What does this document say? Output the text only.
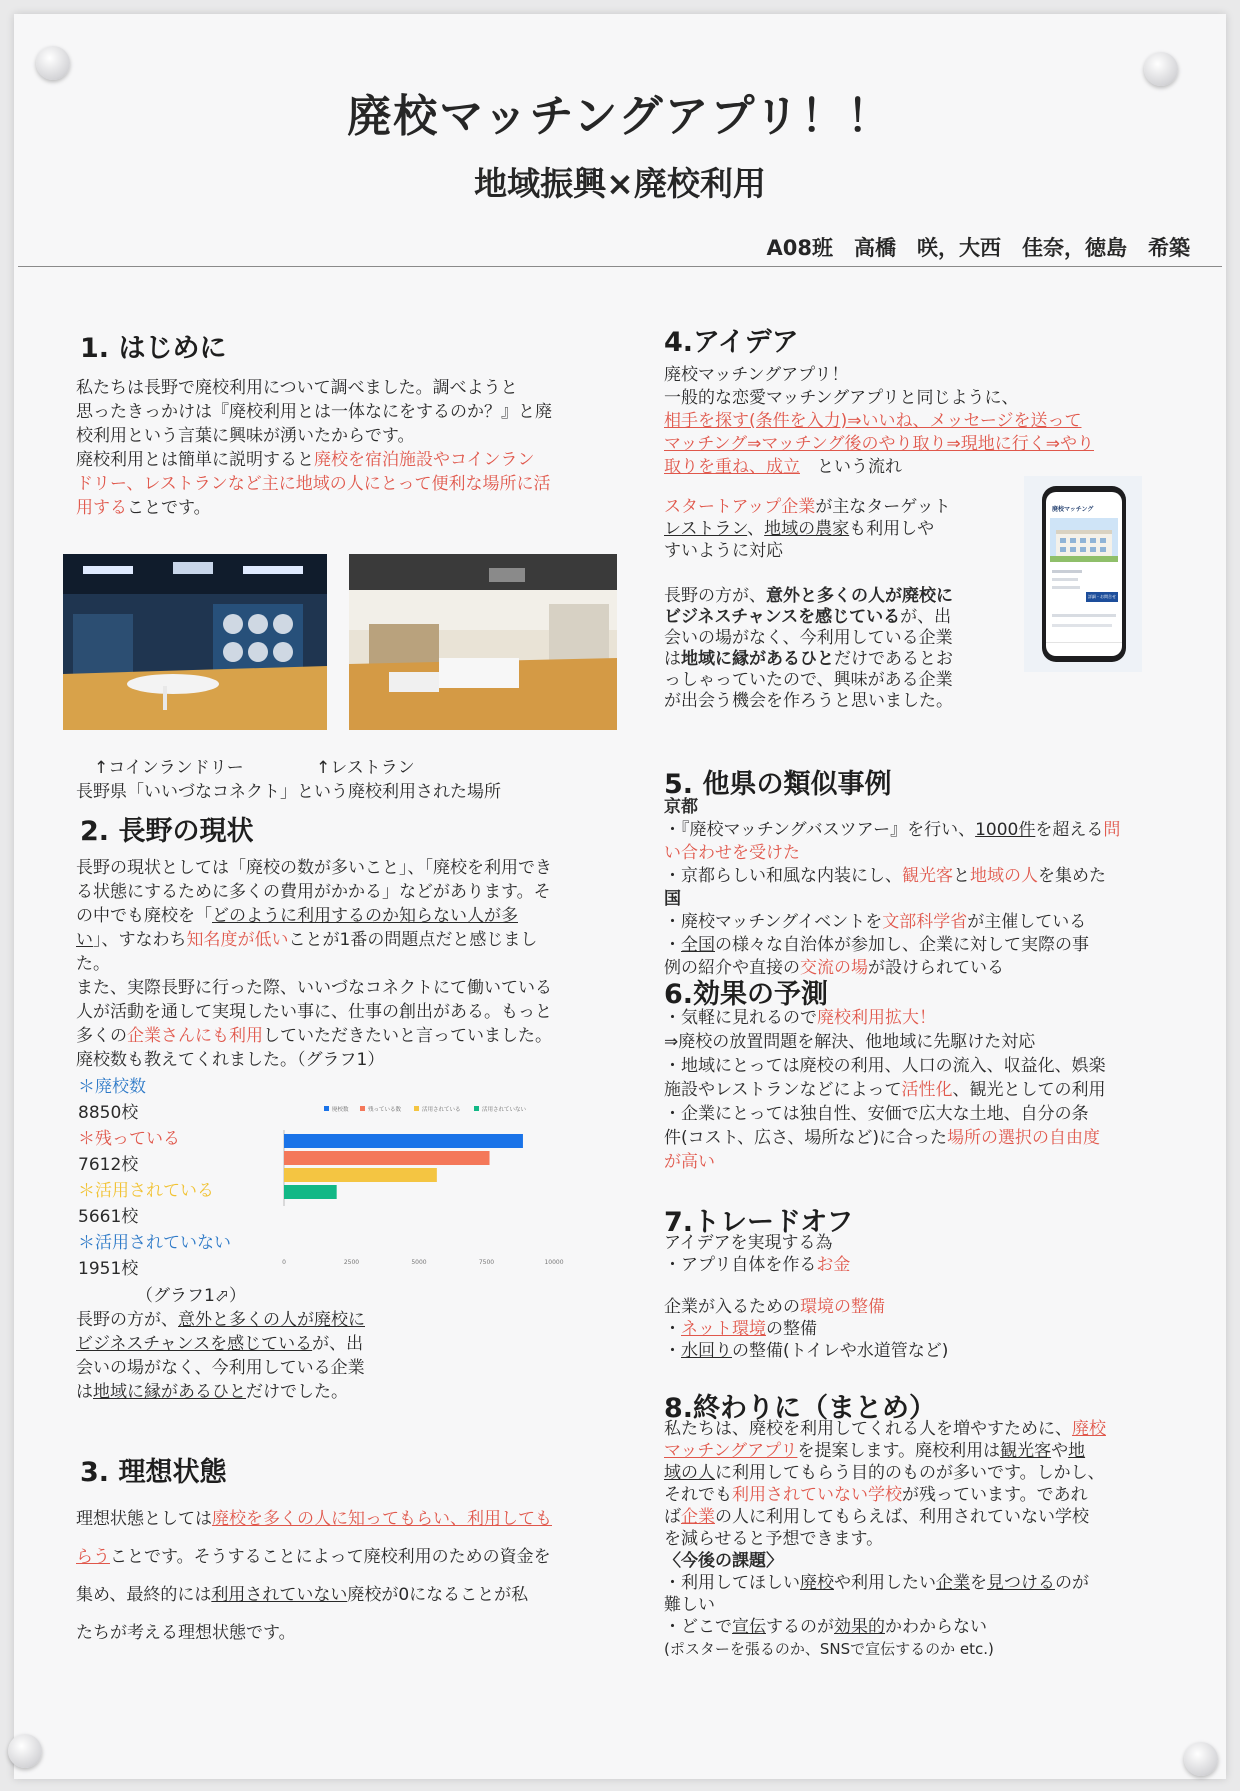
廃校マッチングアプリ！！
地域振興×廃校利用
A08班　高橋　咲，大西　佳奈，徳島　希築
1. はじめに
私たちは長野で廃校利用について調べました。調べようと
思ったきっかけは『廃校利用とは一体なにをするのか？』と廃
校利用という言葉に興味が湧いたからです。
廃校利用とは簡単に説明すると廃校を宿泊施設やコインラン
ドリー、レストランなど主に地域の人にとって便利な場所に活
用することです。
↑コインランドリー	↑レストラン
長野県「いいづなコネクト」という廃校利用された場所
2. 長野の現状
長野の現状としては「廃校の数が多いこと」、「廃校を利用でき
る状態にするために多くの費用がかかる」などがあります。そ
の中でも廃校を「どのように利用するのか知らない人が多
い」、すなわち知名度が低いことが1番の問題点だと感じまし
た。
また、実際長野に行った際、いいづなコネクトにて働いている
人が活動を通して実現したい事に、仕事の創出がある。もっと
多くの企業さんにも利用していただきたいと言っていました。
廃校数も教えてくれました。（グラフ1）
＊廃校数
8850校
＊残っている
7612校
＊活用されている
5661校
＊活用されていない
1951校
廃校数	残っている数	活用されている	活用されていない
0	2500	5000	7500	10000
（グラフ1⬀）
長野の方が、意外と多くの人が廃校に
ビジネスチャンスを感じているが、出
会いの場がなく、今利用している企業
は地域に縁があるひとだけでした。
3. 理想状態
理想状態としては廃校を多くの人に知ってもらい、利用しても
らうことです。そうすることによって廃校利用のための資金を
集め、最終的には利用されていない廃校が0になることが私
たちが考える理想状態です。
4.アイデア
廃校マッチングアプリ！
一般的な恋愛マッチングアプリと同じように、
相手を探す(条件を入力)⇒いいね、メッセージを送って
マッチング⇒マッチング後のやり取り⇒現地に行く⇒やり
取りを重ね、成立　という流れ
スタートアップ企業が主なターゲット
レストラン、地域の農家も利用しや
すいように対応
長野の方が、意外と多くの人が廃校に
ビジネスチャンスを感じているが、出
会いの場がなく、今利用している企業
は地域に縁があるひとだけであるとお
っしゃっていたので、興味がある企業
が出会う機会を作ろうと思いました。
廃校マッチング
詳細・お問合せ
5. 他県の類似事例
京都
・『廃校マッチングバスツアー』を行い、1000件を超える問
い合わせを受けた
・京都らしい和風な内装にし、観光客と地域の人を集めた
国
・廃校マッチングイベントを文部科学省が主催している
・全国の様々な自治体が参加し、企業に対して実際の事
例の紹介や直接の交流の場が設けられている
6.効果の予測
・気軽に見れるので廃校利用拡大！
⇒廃校の放置問題を解決、他地域に先駆けた対応
・地域にとっては廃校の利用、人口の流入、収益化、娯楽
施設やレストランなどによって活性化、観光としての利用
・企業にとっては独自性、安価で広大な土地、自分の条
件(コスト、広さ、場所など)に合った場所の選択の自由度
が高い
7.トレードオフ
アイデアを実現する為
・アプリ自体を作るお金
企業が入るための環境の整備
・ネット環境の整備
・水回りの整備(トイレや水道管など)
8.終わりに（まとめ）
私たちは、廃校を利用してくれる人を増やすために、廃校
マッチングアプリを提案します。廃校利用は観光客や地
域の人に利用してもらう目的のものが多いです。しかし、
それでも利用されていない学校が残っています。であれ
ば企業の人に利用してもらえば、利用されていない学校
を減らせると予想できます。
〈今後の課題〉
・利用してほしい廃校や利用したい企業を見つけるのが
難しい
・どこで宣伝するのが効果的かわからない
(ポスターを張るのか、SNSで宣伝するのか etc.)
